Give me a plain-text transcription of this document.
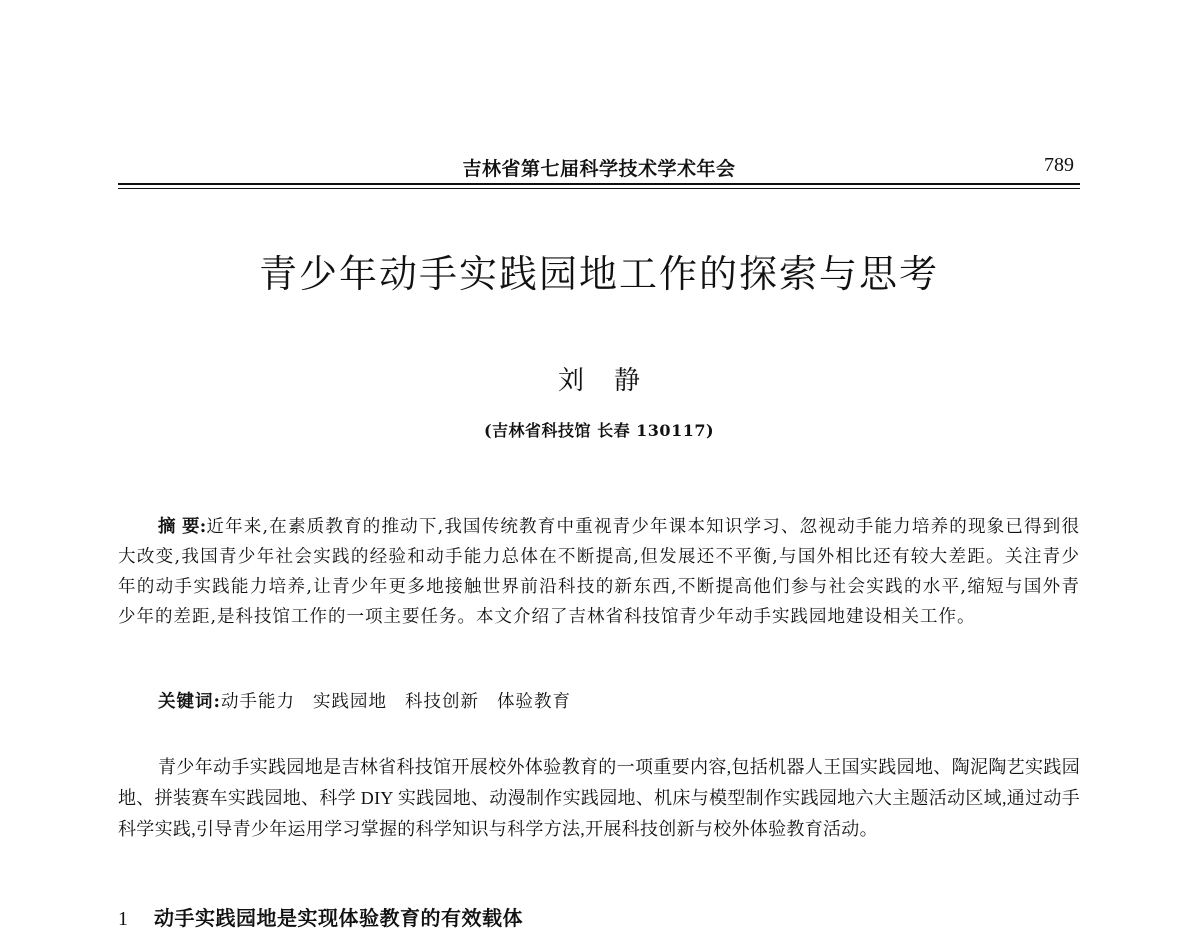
吉林省第七届科学技术学术年会	789
青少年动手实践园地工作的探索与思考
刘静
(吉林省科技馆 长春 130117)
摘 要:近年来,在素质教育的推动下,我国传统教育中重视青少年课本知识学习、忽视动手能力培养的现象已得到很大改变,我国青少年社会实践的经验和动手能力总体在不断提高,但发展还不平衡,与国外相比还有较大差距。关注青少年的动手实践能力培养,让青少年更多地接触世界前沿科技的新东西,不断提高他们参与社会实践的水平,缩短与国外青少年的差距,是科技馆工作的一项主要任务。本文介绍了吉林省科技馆青少年动手实践园地建设相关工作。
关键词:动手能力 实践园地 科技创新 体验教育
青少年动手实践园地是吉林省科技馆开展校外体验教育的一项重要内容,包括机器人王国实践园地、陶泥陶艺实践园地、拼装赛车实践园地、科学 DIY 实践园地、动漫制作实践园地、机床与模型制作实践园地六大主题活动区域,通过动手科学实践,引导青少年运用学习掌握的科学知识与科学方法,开展科技创新与校外体验教育活动。
1 动手实践园地是实现体验教育的有效载体
